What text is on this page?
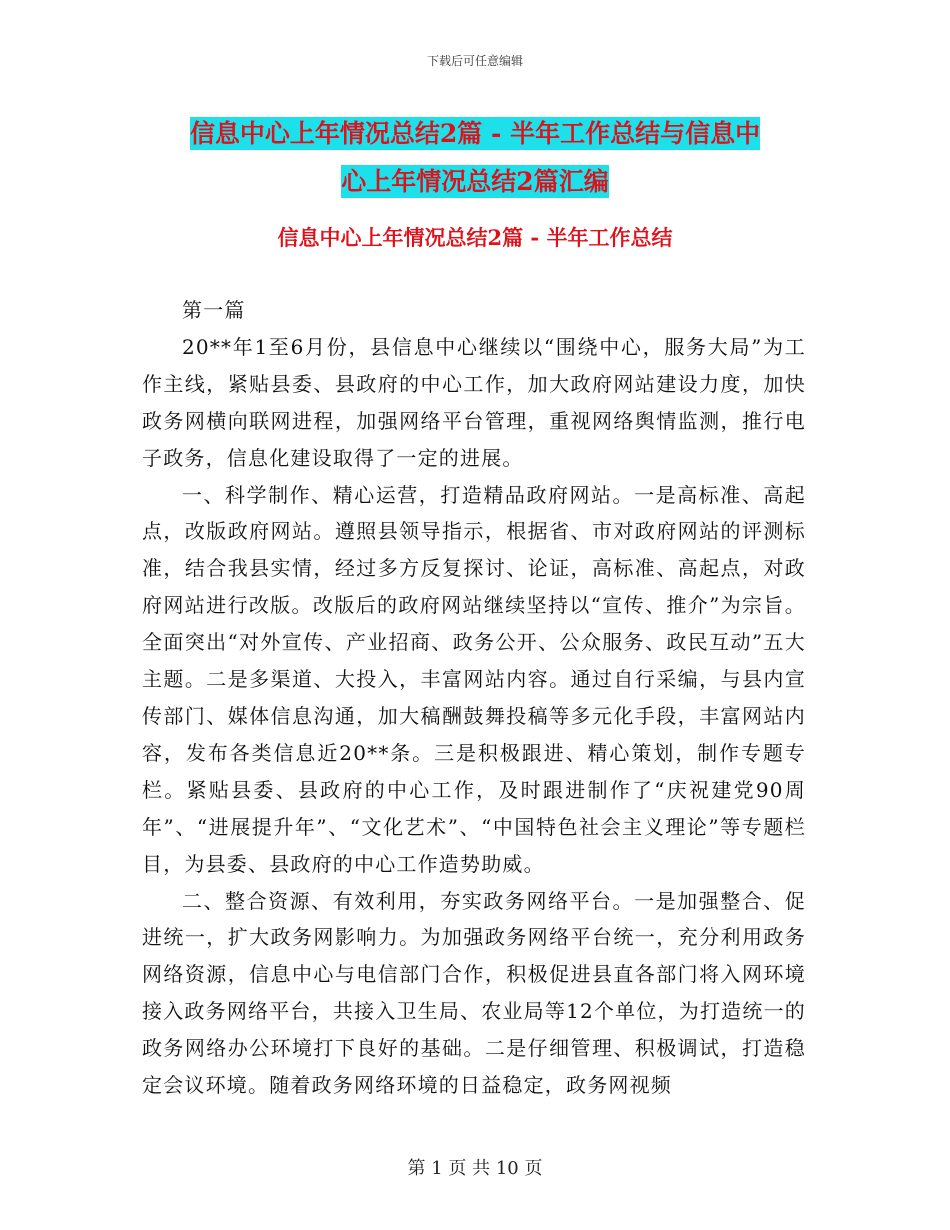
下载后可任意编辑
信息中心上年情况总结2篇 - 半年工作总结与信息中
心上年情况总结2篇汇编
信息中心上年情况总结2篇 - 半年工作总结

第一篇

20**年1至6月份，县信息中心继续以“围绕中心，服务大局”为工作主线，紧贴县委、县政府的中心工作，加大政府网站建设力度，加快政务网横向联网进程，加强网络平台管理，重视网络舆情监测，推行电子政务，信息化建设取得了一定的进展。

一、科学制作、精心运营，打造精品政府网站。一是高标准、高起点，改版政府网站。遵照县领导指示，根据省、市对政府网站的评测标准，结合我县实情，经过多方反复探讨、论证，高标准、高起点，对政府网站进行改版。改版后的政府网站继续坚持以“宣传、推介”为宗旨。全面突出“对外宣传、产业招商、政务公开、公众服务、政民互动”五大主题。二是多渠道、大投入，丰富网站内容。通过自行采编，与县内宣传部门、媒体信息沟通，加大稿酬鼓舞投稿等多元化手段，丰富网站内容，发布各类信息近20**条。三是积极跟进、精心策划，制作专题专栏。紧贴县委、县政府的中心工作，及时跟进制作了“庆祝建党90周年”、“进展提升年”、“文化艺术”、“中国特色社会主义理论”等专题栏目，为县委、县政府的中心工作造势助威。

二、整合资源、有效利用，夯实政务网络平台。一是加强整合、促进统一，扩大政务网影响力。为加强政务网络平台统一，充分利用政务网络资源，信息中心与电信部门合作，积极促进县直各部门将入网环境接入政务网络平台，共接入卫生局、农业局等12个单位，为打造统一的政务网络办公环境打下良好的基础。二是仔细管理、积极调试，打造稳定会议环境。随着政务网络环境的日益稳定，政务网视频

第 1 页 共 10 页
